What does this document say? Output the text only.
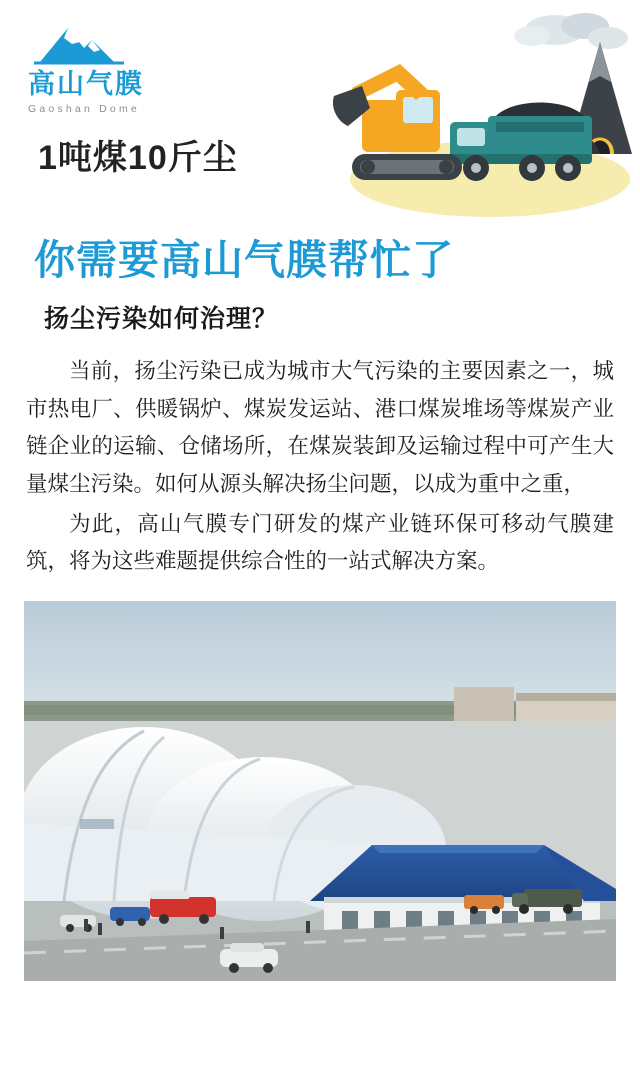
高山气膜
Gaoshan Dome
1吨煤10斤尘
你需要高山气膜帮忙了
扬尘污染如何治理？

当前，扬尘污染已成为城市大气污染的主要因素之一，城市热电厂、供暖锅炉、煤炭发运站、港口煤炭堆场等煤炭产业链企业的运输、仓储场所，在煤炭装卸及运输过程中可产生大量煤尘污染。如何从源头解决扬尘问题，以成为重中之重，

为此，高山气膜专门研发的煤产业链环保可移动气膜建筑，将为这些难题提供综合性的一站式解决方案。
